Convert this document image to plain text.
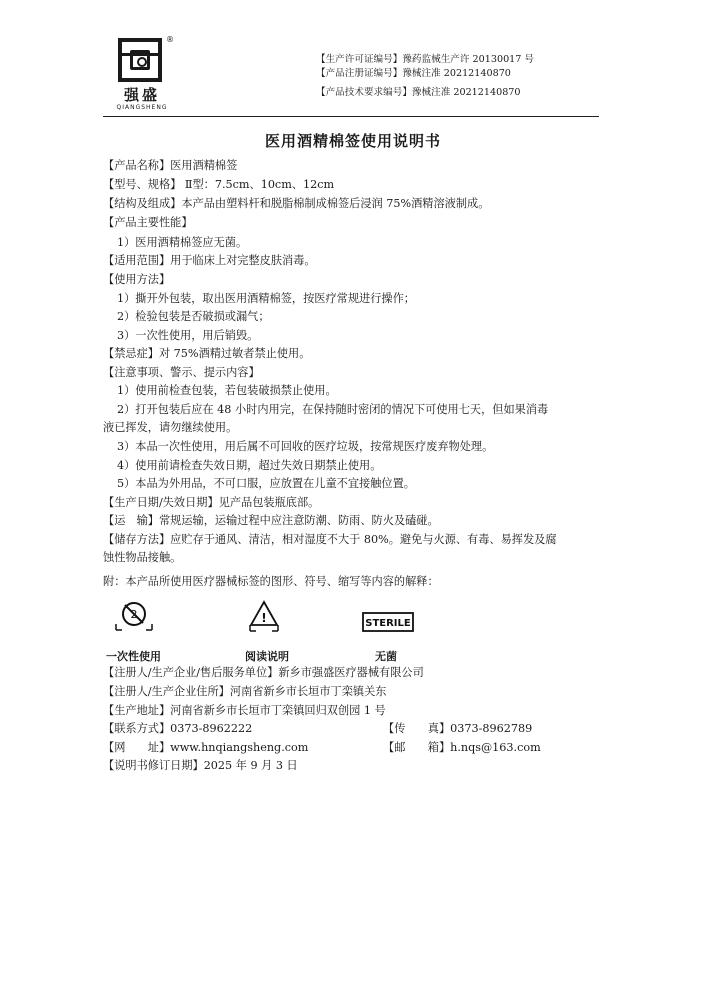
®
强盛
QIANGSHENG
【生产许可证编号】豫药监械生产许 20130017 号
【产品注册证编号】豫械注准 20212140870
【产品技术要求编号】豫械注准 20212140870
医用酒精棉签使用说明书
【产品名称】医用酒精棉签
【型号、规格】 Ⅱ型：7.5cm、10cm、12cm
【结构及组成】本产品由塑料杆和脱脂棉制成棉签后浸润 75%酒精溶液制成。
【产品主要性能】
1）医用酒精棉签应无菌。
【适用范围】用于临床上对完整皮肤消毒。
【使用方法】
1）撕开外包装，取出医用酒精棉签，按医疗常规进行操作；
2）检验包装是否破损或漏气；
3）一次性使用，用后销毁。
【禁忌症】对 75%酒精过敏者禁止使用。
【注意事项、警示、提示内容】
1）使用前检查包装，若包装破损禁止使用。
2）打开包装后应在 48 小时内用完，在保持随时密闭的情况下可使用七天，但如果消毒
液已挥发，请勿继续使用。
3）本品一次性使用，用后属不可回收的医疗垃圾，按常规医疗废弃物处理。
4）使用前请检查失效日期，超过失效日期禁止使用。
5）本品为外用品，不可口服，应放置在儿童不宜接触位置。
【生产日期/失效日期】见产品包装瓶底部。
【运　输】常规运输，运输过程中应注意防潮、防雨、防火及磕碰。
【储存方法】应贮存于通风、清洁，相对湿度不大于 80%。避免与火源、有毒、易挥发及腐
蚀性物品接触。
附：本产品所使用医疗器械标签的图形、符号、缩写等内容的解释：
2	!	STERILE
一次性使用	阅读说明	无菌
【注册人/生产企业/售后服务单位】新乡市强盛医疗器械有限公司
【注册人/生产企业住所】河南省新乡市长垣市丁栾镇关东
【生产地址】河南省新乡市长垣市丁栾镇回归双创园 1 号
【联系方式】0373-8962222	【传　　真】0373-8962789
【网　　址】www.hnqiangsheng.com	【邮　　箱】h.nqs@163.com
【说明书修订日期】2025 年 9 月 3 日
